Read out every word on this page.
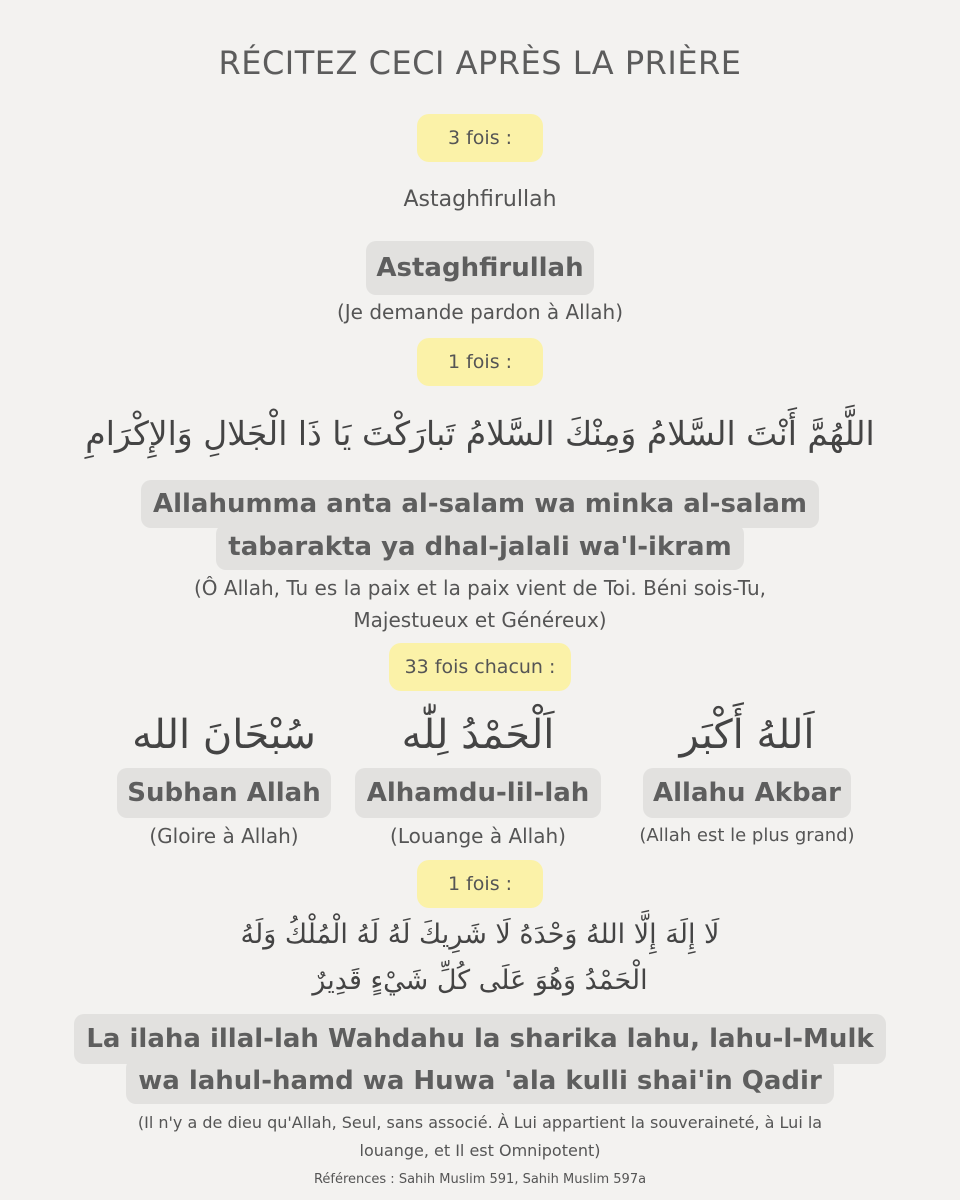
RÉCITEZ CECI APRÈS LA PRIÈRE
3 fois :
Astaghfirullah
Astaghfirullah
(Je demande pardon à Allah)
1 fois :
اللَّهُمَّ أَنْتَ السَّلامُ وَمِنْكَ السَّلامُ تَبارَكْتَ يَا ذَا الْجَلالِ وَالإِكْرَامِ
Allahumma anta al-salam wa minka al-salam
tabarakta ya dhal-jalali wa'l-ikram
(Ô Allah, Tu es la paix et la paix vient de Toi. Béni sois-Tu,
Majestueux et Généreux)
33 fois chacun :
سُبْحَانَ الله
Subhan Allah
(Gloire à Allah)
اَلْحَمْدُ لِلّٰه
Alhamdu-lil-lah
(Louange à Allah)
اَللهُ أَكْبَر
Allahu Akbar
(Allah est le plus grand)
1 fois :
لَا إِلَهَ إِلَّا اللهُ وَحْدَهُ لَا شَرِيكَ لَهُ لَهُ الْمُلْكُ وَلَهُ
الْحَمْدُ وَهُوَ عَلَى كُلِّ شَيْءٍ قَدِيرٌ
La ilaha illal-lah Wahdahu la sharika lahu, lahu-l-Mulk
wa lahul-hamd wa Huwa 'ala kulli shai'in Qadir
(Il n'y a de dieu qu'Allah, Seul, sans associé. À Lui appartient la souveraineté, à Lui la
louange, et Il est Omnipotent)
Références : Sahih Muslim 591, Sahih Muslim 597a
